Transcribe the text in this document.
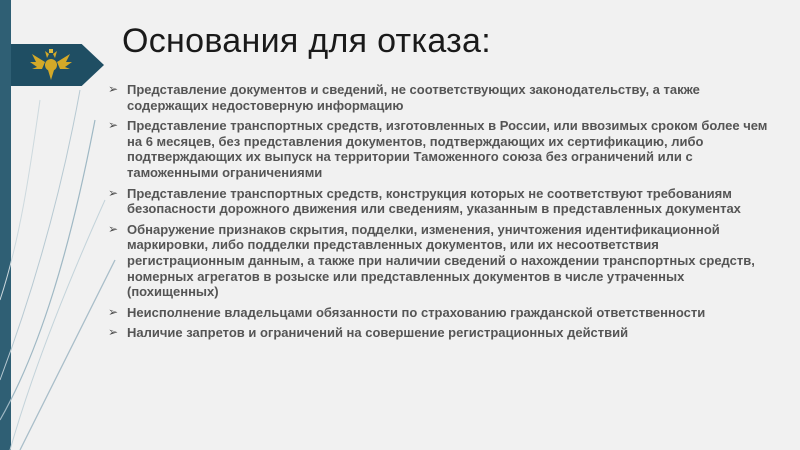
Основания для отказа:
➢ Представление документов и сведений, не соответствующих законодательству, а также содержащих недостоверную информацию
➢ Представление транспортных средств, изготовленных в России, или ввозимых сроком более чем на 6 месяцев, без представления документов, подтверждающих их сертификацию, либо подтверждающих их выпуск на территории Таможенного союза без ограничений или с таможенными ограничениями
➢ Представление транспортных средств, конструкция которых не соответствуют требованиям безопасности дорожного движения или сведениям, указанным в представленных документах
➢ Обнаружение признаков скрытия, подделки, изменения, уничтожения идентификационной маркировки, либо подделки представленных документов, или их несоответствия регистрационным данным, а также при наличии сведений о нахождении транспортных средств, номерных агрегатов в розыске или представленных документов в числе утраченных (похищенных)
➢ Неисполнение владельцами обязанности по страхованию гражданской ответственности
➢ Наличие запретов и ограничений на совершение регистрационных действий
